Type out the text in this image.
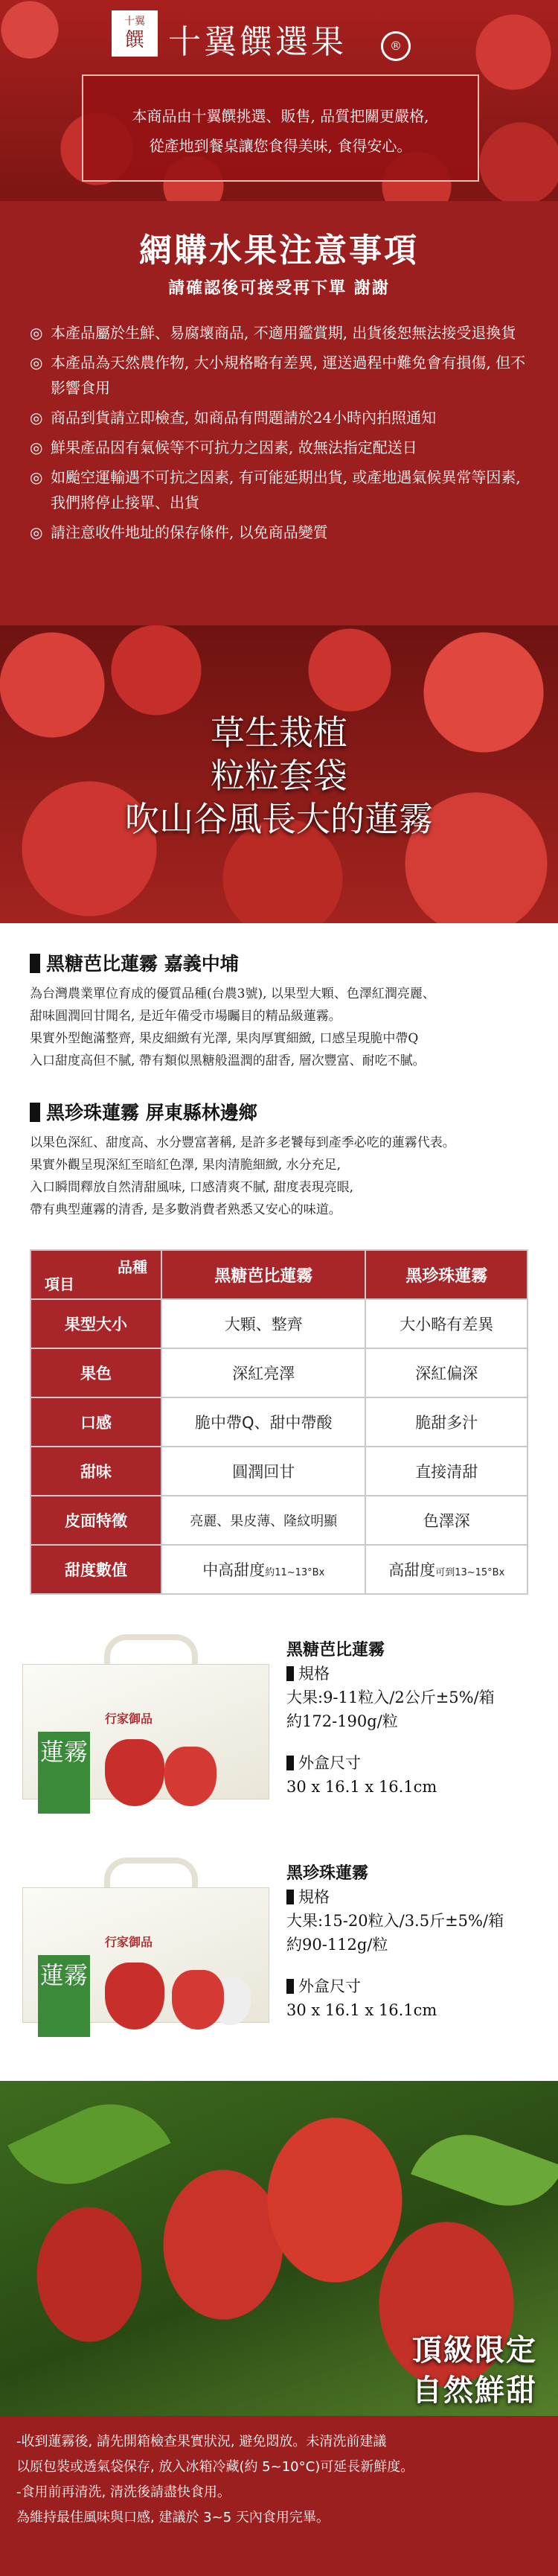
十翼
饌 十翼饌選果	®
本商品由十翼饌挑選、販售, 品質把關更嚴格,
從產地到餐桌讓您食得美味, 食得安心。
網購水果注意事項
請確認後可接受再下單 謝謝
◎ 本產品屬於生鮮、易腐壞商品, 不適用鑑賞期, 出貨後恕無法接受退換貨
◎ 本產品為天然農作物, 大小規格略有差異, 運送過程中難免會有損傷, 但不影響食用
◎ 商品到貨請立即檢查, 如商品有問題請於24小時內拍照通知
◎ 鮮果產品因有氣候等不可抗力之因素, 故無法指定配送日
◎ 如颱空運輸遇不可抗之因素, 有可能延期出貨, 或產地遇氣候異常等因素, 我們將停止接單、出貨
◎ 請注意收件地址的保存條件, 以免商品變質
草生栽植
粒粒套袋
吹山谷風長大的蓮霧
黑糖芭比蓮霧 嘉義中埔
為台灣農業單位育成的優質品種(台農3號), 以果型大顆、色澤紅潤亮麗、
甜味圓潤回甘聞名, 是近年備受市場矚目的精品級蓮霧。
果實外型飽滿整齊, 果皮細緻有光澤, 果肉厚實細緻, 口感呈現脆中帶Q
入口甜度高但不膩, 帶有類似黑糖般溫潤的甜香, 層次豐富、耐吃不膩。
黑珍珠蓮霧 屏東縣林邊鄉
以果色深紅、甜度高、水分豐富著稱, 是許多老饕每到產季必吃的蓮霧代表。
果實外觀呈現深紅至暗紅色澤, 果肉清脆細緻, 水分充足,
入口瞬間釋放自然清甜風味, 口感清爽不膩, 甜度表現亮眼,
帶有典型蓮霧的清香, 是多數消費者熟悉又安心的味道。
品種
項目	黑糖芭比蓮霧	黑珍珠蓮霧
果型大小	大顆、整齊	大小略有差異
果色	深紅亮澤	深紅偏深
口感	脆中帶Q、甜中帶酸	脆甜多汁
甜味	圓潤回甘	直接清甜
皮面特徵	亮麗、果皮薄、隆紋明顯	色澤深
甜度數值	中高甜度約11~13°Bx	高甜度可到13~15°Bx
行家御品
蓮霧
黑糖芭比蓮霧
規格
大果:9-11粒入/2公斤±5%/箱
約172-190g/粒
外盒尺寸
30 x 16.1 x 16.1cm
行家御品
蓮霧
黑珍珠蓮霧
規格
大果:15-20粒入/3.5斤±5%/箱
約90-112g/粒
外盒尺寸
30 x 16.1 x 16.1cm
頂級限定
自然鮮甜
-收到蓮霧後, 請先開箱檢查果實狀況, 避免悶放。未清洗前建議
以原包裝或透氣袋保存, 放入冰箱冷藏(約 5~10°C)可延長新鮮度。
-食用前再清洗, 清洗後請盡快食用。
為維持最佳風味與口感, 建議於 3~5 天內食用完畢。
